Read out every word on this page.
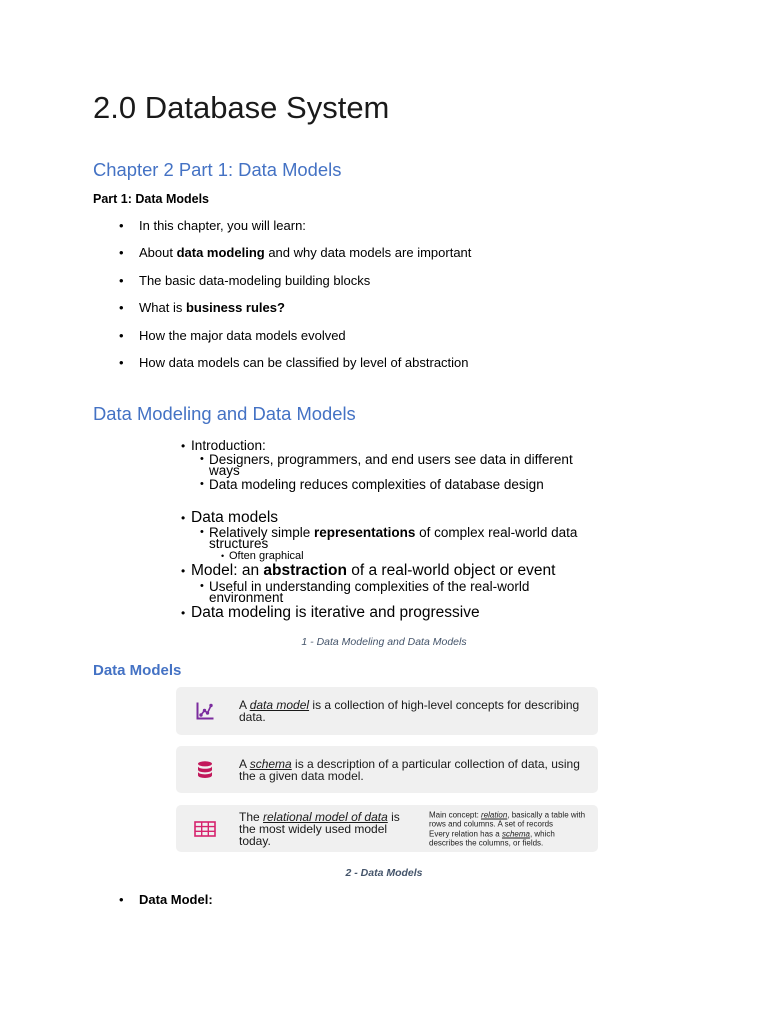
2.0 Database System
Chapter 2 Part 1: Data Models
Part 1: Data Models
• In this chapter, you will learn:
• About data modeling and why data models are important
• The basic data-modeling building blocks
• What is business rules?
• How the major data models evolved
• How data models can be classified by level of abstraction
Data Modeling and Data Models
• Introduction:
• Designers, programmers, and end users see data in different ways
• Data modeling reduces complexities of database design
• Data models
• Relatively simple representations of complex real-world data structures
• Often graphical
• Model: an abstraction of a real-world object or event
• Useful in understanding complexities of the real-world environment
• Data modeling is iterative and progressive
1 - Data Modeling and Data Models
Data Models
A data model is a collection of high-level concepts for describing data.
A schema is a description of a particular collection of data, using the a given data model.
The relational model of data is the most widely used model today.
Main concept: relation, basically a table with rows and columns. A set of records
Every relation has a schema, which describes the columns, or fields.
2 - Data Models
• Data Model:
